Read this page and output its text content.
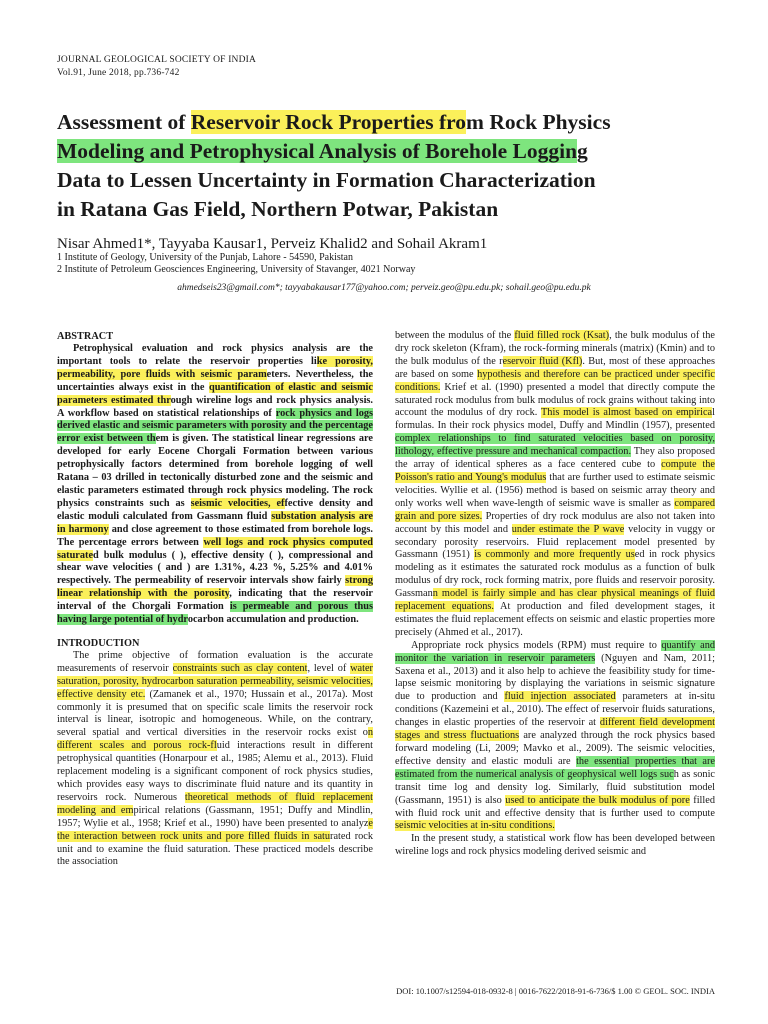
JOURNAL GEOLOGICAL SOCIETY OF INDIA
Vol.91, June 2018, pp.736-742
Assessment of Reservoir Rock Properties from Rock Physics
Modeling and Petrophysical Analysis of Borehole Logging
Data to Lessen Uncertainty in Formation Characterization
in Ratana Gas Field, Northern Potwar, Pakistan
Nisar Ahmed1*, Tayyaba Kausar1, Perveiz Khalid2 and Sohail Akram1
1 Institute of Geology, University of the Punjab, Lahore - 54590, Pakistan
2 Institute of Petroleum Geosciences Engineering, University of Stavanger, 4021 Norway
ahmedseis23@gmail.com*; tayyabakausar177@yahoo.com; perveiz.geo@pu.edu.pk; sohail.geo@pu.edu.pk

ABSTRACT

Petrophysical evaluation and rock physics analysis are the important tools to relate the reservoir properties like porosity, permeability, pore fluids with seismic parameters. Nevertheless, the uncertainties always exist in the quantification of elastic and seismic parameters estimated through wireline logs and rock physics analysis. A workflow based on statistical relationships of rock physics and logs derived elastic and seismic parameters with porosity and the percentage error exist between them is given. The statistical linear regressions are developed for early Eocene Chorgali Formation between various petrophysically factors determined from borehole logging of well Ratana – 03 drilled in tectonically disturbed zone and the seismic and elastic parameters estimated through rock physics modeling. The rock physics constraints such as seismic velocities, effective density and elastic moduli calculated from Gassmann fluid substation analysis are in harmony and close agreement to those estimated from borehole logs. The percentage errors between well logs and rock physics computed saturated bulk modulus ( ), effective density ( ), compressional and shear wave velocities ( and ) are 1.31%, 4.23 %, 5.25% and 4.01% respectively. The permeability of reservoir intervals show fairly strong linear relationship with the porosity, indicating that the reservoir interval of the Chorgali Formation is permeable and porous thus having large potential of hydrocarbon accumulation and production.

INTRODUCTION

The prime objective of formation evaluation is the accurate measurements of reservoir constraints such as clay content, level of water saturation, porosity, hydrocarbon saturation permeability, seismic velocities, effective density etc. (Zamanek et al., 1970; Hussain et al., 2017a). Most commonly it is presumed that on specific scale limits the reservoir rock interval is linear, isotropic and homogeneous. While, on the contrary, several spatial and vertical diversities in the reservoir rocks exist on different scales and porous rock-fluid interactions result in different petrophysical quantities (Honarpour et al., 1985; Alemu et al., 2013). Fluid replacement modeling is a significant component of rock physics studies, which provides easy ways to discriminate fluid nature and its quantity in reservoirs rock. Numerous theoretical methods of fluid replacement modeling and empirical relations (Gassmann, 1951; Duffy and Mindlin, 1957; Wylie et al., 1958; Krief et al., 1990) have been presented to analyze the interaction between rock units and pore filled fluids in saturated rock unit and to examine the fluid saturation. These practiced models describe the association

between the modulus of the fluid filled rock (Ksat), the bulk modulus of the dry rock skeleton (Kfram), the rock-forming minerals (matrix) (Kmin) and to the bulk modulus of the reservoir fluid (Kfl). But, most of these approaches are based on some hypothesis and therefore can be practiced under specific conditions. Krief et al. (1990) presented a model that directly compute the saturated rock modulus from bulk modulus of rock grains without taking into account the modulus of dry rock. This model is almost based on empirical formulas. In their rock physics model, Duffy and Mindlin (1957), presented complex relationships to find saturated velocities based on porosity, lithology, effective pressure and mechanical compaction. They also proposed the array of identical spheres as a face centered cube to compute the Poisson's ratio and Young's modulus that are further used to estimate seismic velocities. Wyllie et al. (1956) method is based on seismic array theory and only works well when wave-length of seismic wave is smaller as compared grain and pore sizes. Properties of dry rock modulus are also not taken into account by this model and under estimate the P wave velocity in vuggy or secondary porosity reservoirs. Fluid replacement model presented by Gassmann (1951) is commonly and more frequently used in rock physics modeling as it estimates the saturated rock modulus as a function of bulk modulus of dry rock, rock forming matrix, pore fluids and reservoir porosity. Gassmann model is fairly simple and has clear physical meanings of fluid replacement equations. At production and filed development stages, it estimates the fluid replacement effects on seismic and elastic properties more precisely (Ahmed et al., 2017).

Appropriate rock physics models (RPM) must require to quantify and monitor the variation in reservoir parameters (Nguyen and Nam, 2011; Saxena et al., 2013) and it also help to achieve the feasibility study for time-lapse seismic monitoring by displaying the variations in seismic signature due to production and fluid injection associated parameters at in-situ conditions (Kazemeini et al., 2010). The effect of reservoir fluids saturations, changes in elastic properties of the reservoir at different field development stages and stress fluctuations are analyzed through the rock physics based forward modeling (Li, 2009; Mavko et al., 2009). The seismic velocities, effective density and elastic moduli are the essential properties that are estimated from the numerical analysis of geophysical well logs such as sonic transit time log and density log. Similarly, fluid substitution model (Gassmann, 1951) is also used to anticipate the bulk modulus of pore filled with fluid rock unit and effective density that is further used to compute seismic velocities at in-situ conditions.

In the present study, a statistical work flow has been developed between wireline logs and rock physics modeling derived seismic and

DOI: 10.1007/s12594-018-0932-8 | 0016-7622/2018-91-6-736/$ 1.00 © GEOL. SOC. INDIA
